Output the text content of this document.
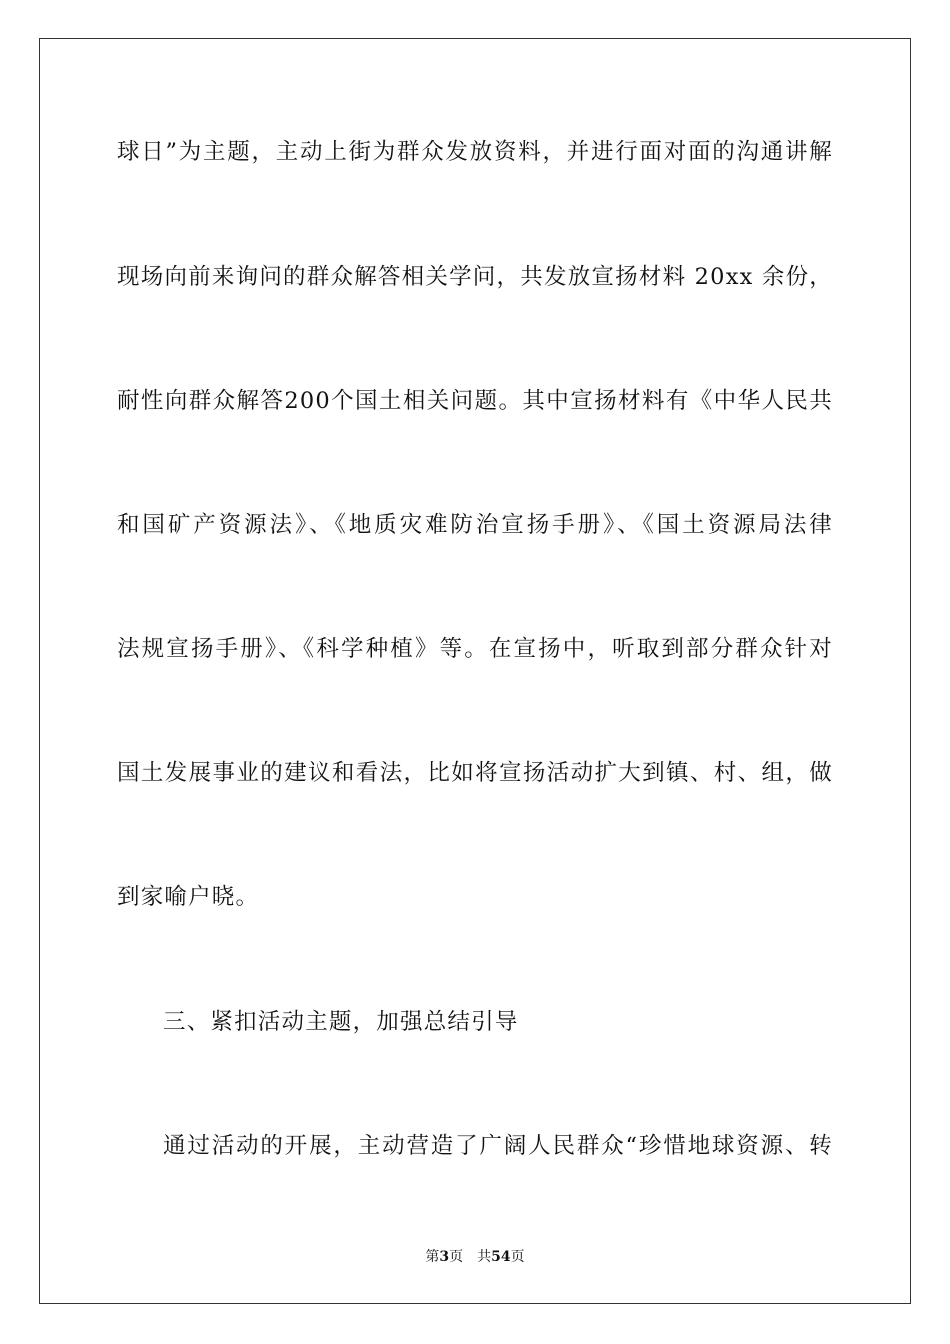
球日”为主题，主动上街为群众发放资料，并进行面对面的沟通讲解
现场向前来询问的群众解答相关学问，共发放宣扬材料 20xx 余份，
耐性向群众解答200个国土相关问题。其中宣扬材料有《中华人民共
和国矿产资源法》、《地质灾难防治宣扬手册》、《国土资源局法律
法规宣扬手册》、《科学种植》等。在宣扬中，听取到部分群众针对
国土发展事业的建议和看法，比如将宣扬活动扩大到镇、村、组，做
到家喻户晓。
三、紧扣活动主题，加强总结引导
通过活动的开展，主动营造了广阔人民群众“珍惜地球资源、转
第3页 共54页
